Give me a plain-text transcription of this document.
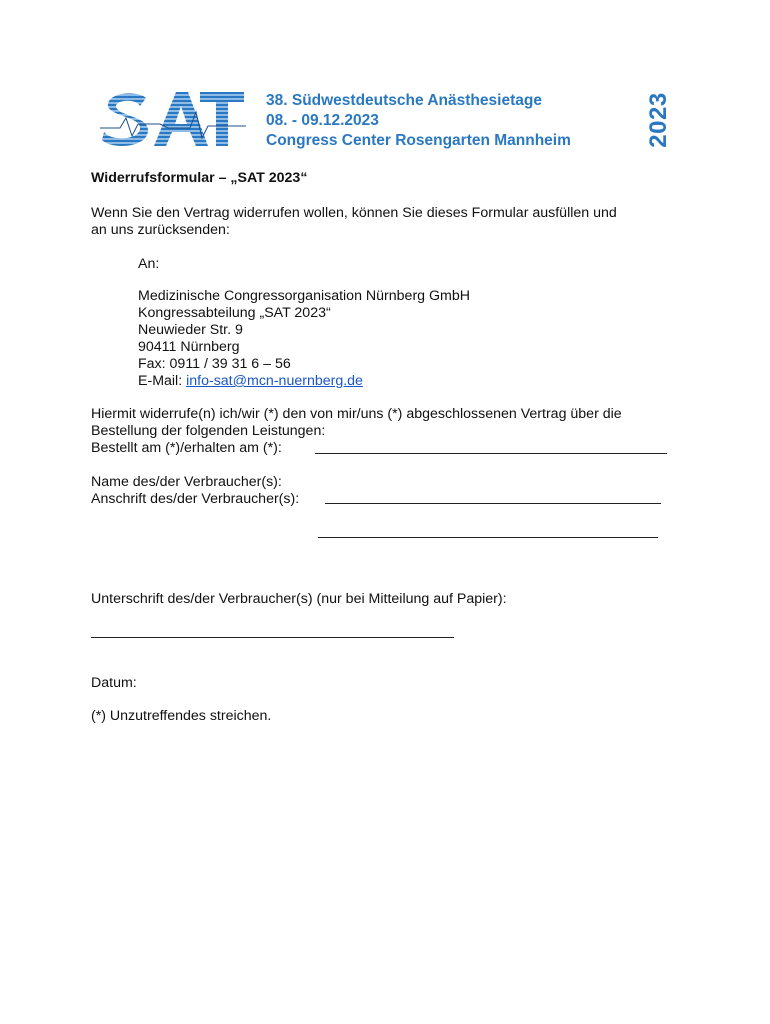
38. Südwestdeutsche Anästhesietage
08. - 09.12.2023
Congress Center Rosengarten Mannheim	2023
Widerrufsformular – „SAT 2023“
Wenn Sie den Vertrag widerrufen wollen, können Sie dieses Formular ausfüllen und
an uns zurücksenden:
An:
Medizinische Congressorganisation Nürnberg GmbH
Kongressabteilung „SAT 2023“
Neuwieder Str. 9
90411 Nürnberg
Fax: 0911 / 39 31 6 – 56
E-Mail: info-sat@mcn-nuernberg.de
Hiermit widerrufe(n) ich/wir (*) den von mir/uns (*) abgeschlossenen Vertrag über die
Bestellung der folgenden Leistungen:
Bestellt am (*)/erhalten am (*):
Name des/der Verbraucher(s):
Anschrift des/der Verbraucher(s):
Unterschrift des/der Verbraucher(s) (nur bei Mitteilung auf Papier):
Datum:
(*) Unzutreffendes streichen.
